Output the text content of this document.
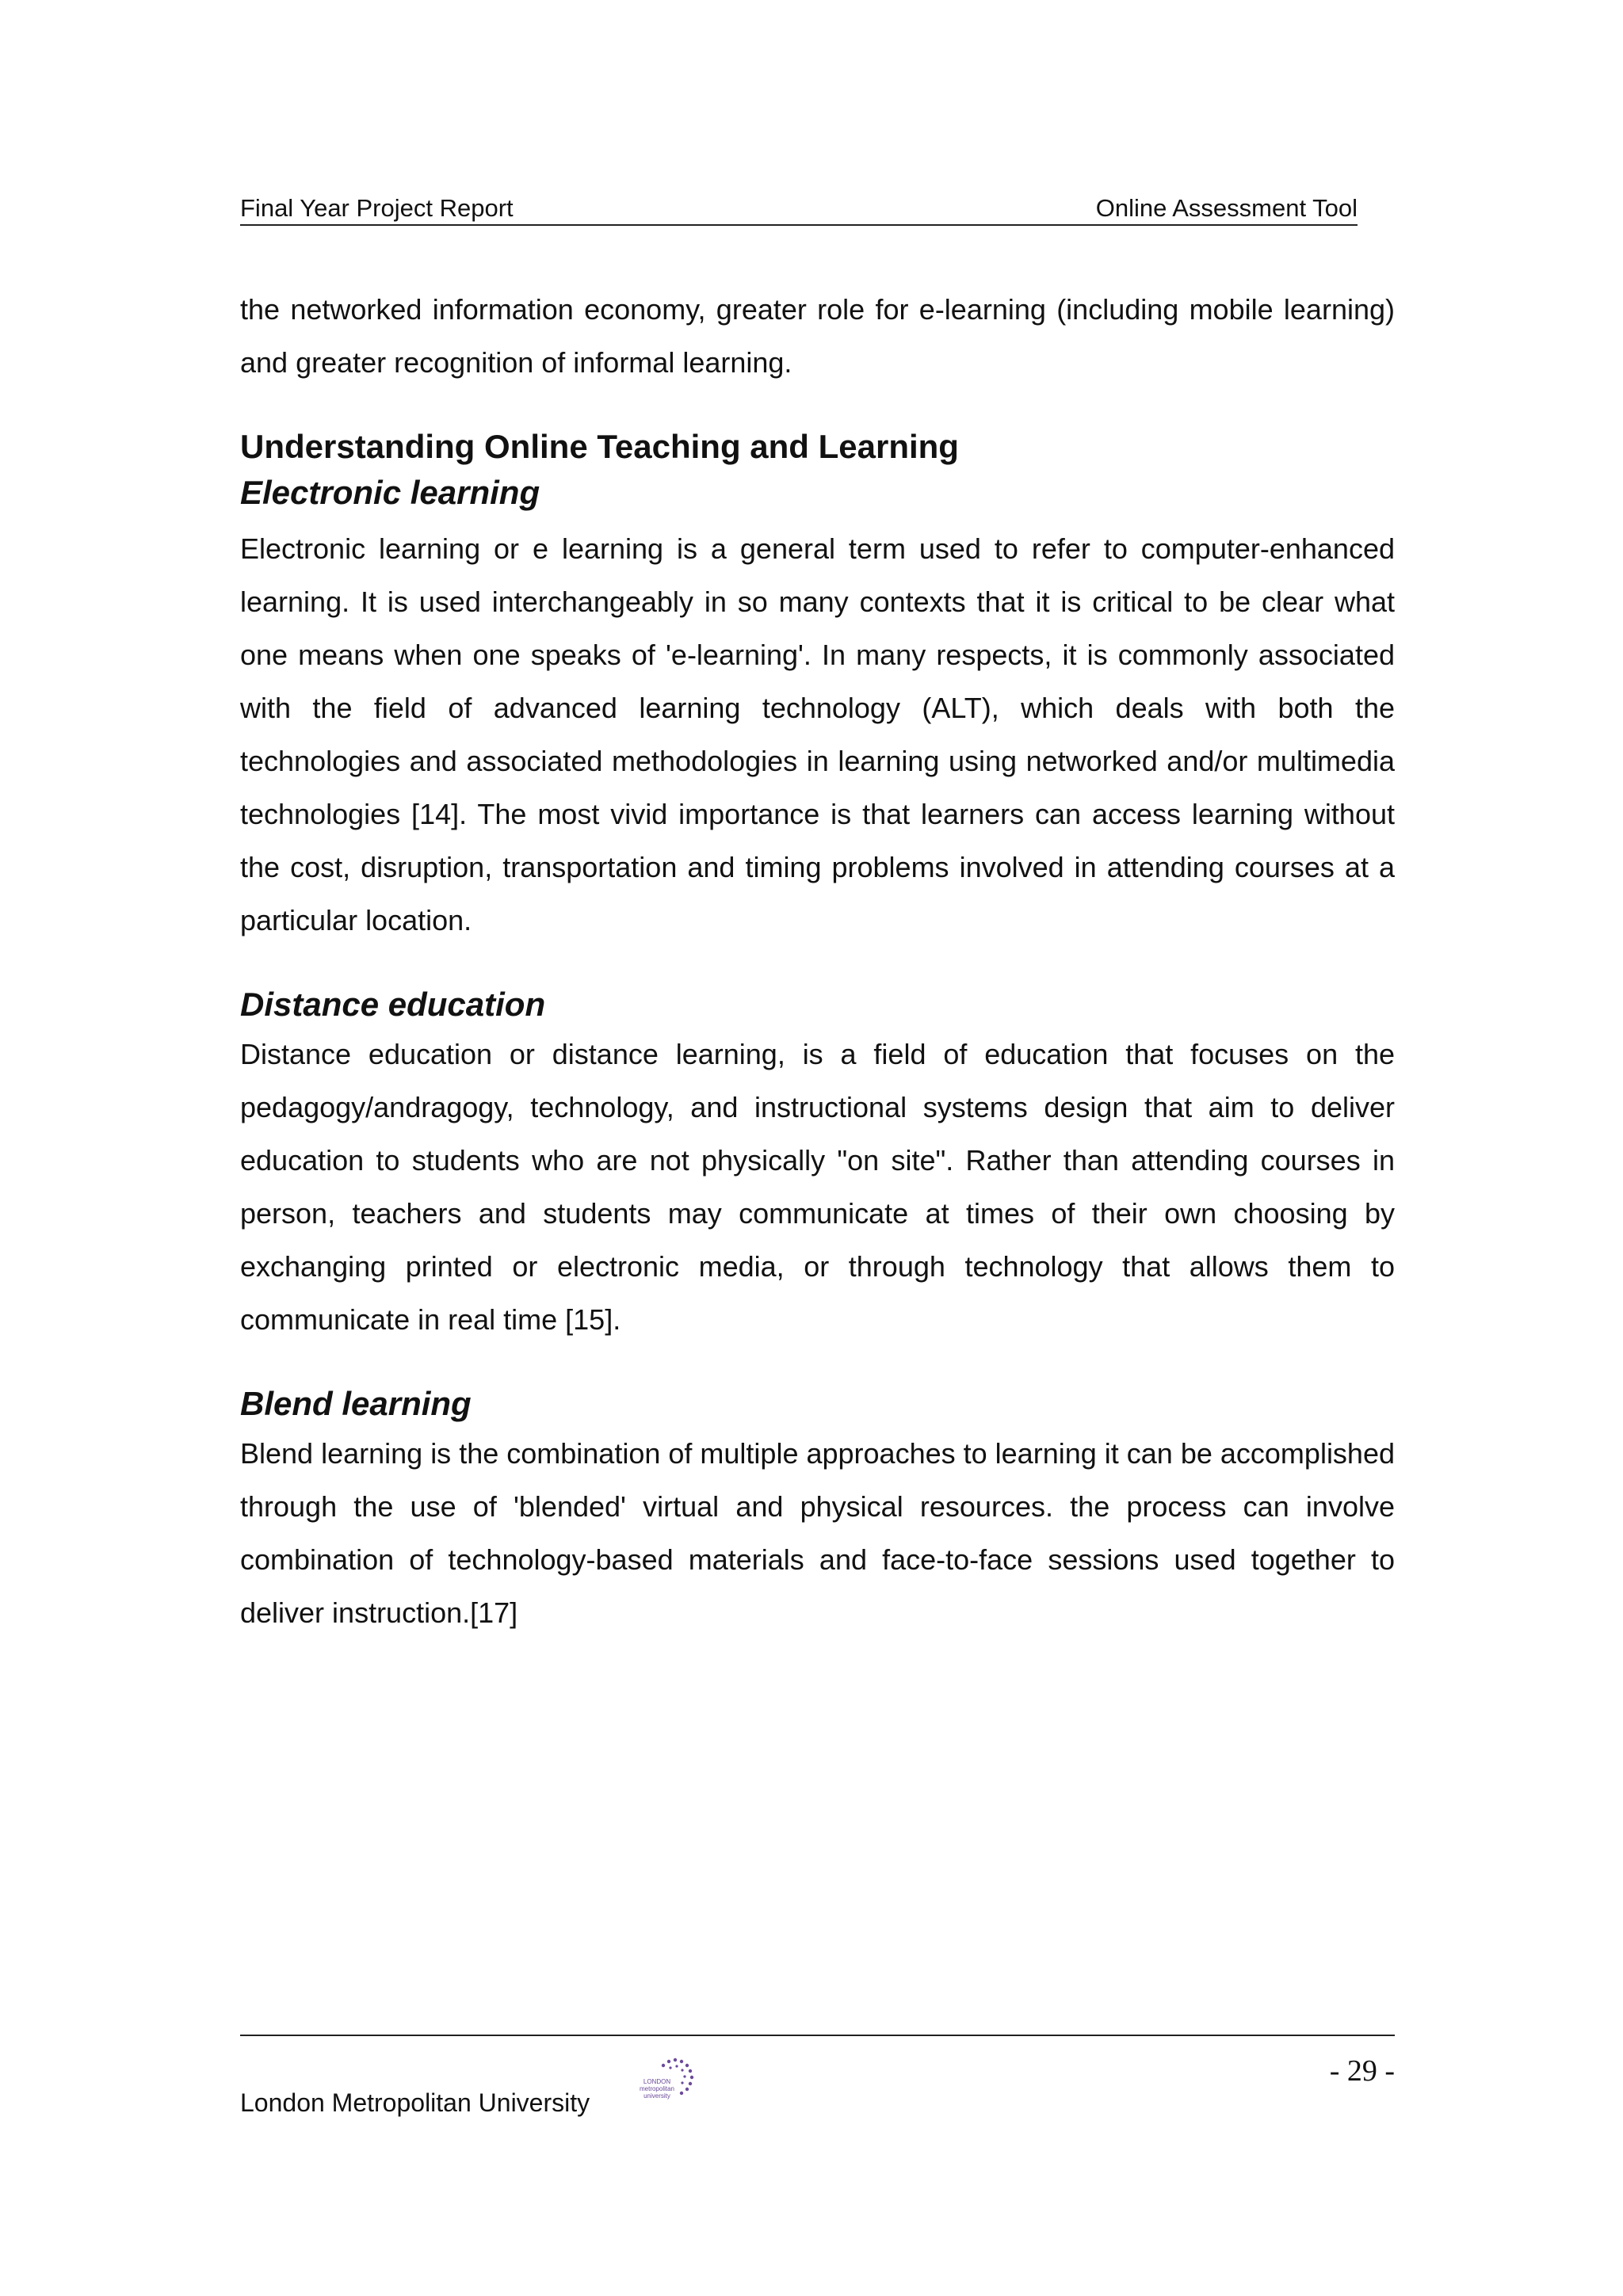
Final Year Project Report	Online Assessment Tool

the networked information economy, greater role for e-learning (including mobile learning) and greater recognition of informal learning.

Understanding Online Teaching and Learning
Electronic learning

Electronic learning or e learning is a general term used to refer to computer-enhanced learning. It is used interchangeably in so many contexts that it is critical to be clear what one means when one speaks of 'e-learning'. In many respects, it is commonly associated with the field of advanced learning technology (ALT), which deals with both the technologies and associated methodologies in learning using networked and/or multimedia technologies [14]. The most vivid importance is that learners can access learning without the cost, disruption, transportation and timing problems involved in attending courses at a particular location.

Distance education

Distance education or distance learning, is a field of education that focuses on the pedagogy/andragogy, technology, and instructional systems design that aim to deliver education to students who are not physically "on site". Rather than attending courses in person, teachers and students may communicate at times of their own choosing by exchanging printed or electronic media, or through technology that allows them to communicate in real time [15].

Blend learning

Blend learning is the combination of multiple approaches to learning it can be accomplished through the use of 'blended' virtual and physical resources. the process can involve combination of technology-based materials and face-to-face sessions used together to deliver instruction.[17]

London Metropolitan University
LONDON
metropolitan
university
- 29 -
